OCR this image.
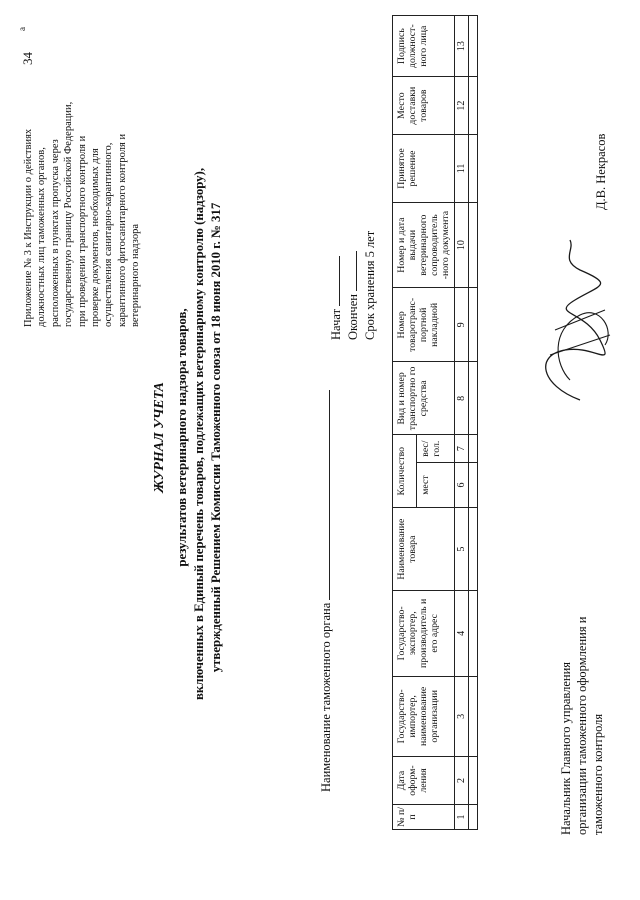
34
а
Приложение № 3 к Инструкции о действиях должностных лиц таможенных органов, расположенных в пунктах пропуска через государственную границу Российской Федерации, при проведении транспортного контроля и проверке документов, необходимых для осуществления санитарно-карантинного, карантинного фитосанитарного контроля и ветеринарного надзора
ЖУРНАЛ УЧЕТА результатов ветеринарного надзора товаров, включенных в Единый перечень товаров, подлежащих ветеринарному контролю (надзору), утвержденный Решением Комиссии Таможенного союза от 18 июня 2010 г. № 317
Наименование таможенного органа
Начат Окончен Срок хранения 5 лет
№ п/п	Дата оформ-ления	Государство-импортер, наименование организации	Государство-экспортер, производитель и его адрес	Наименование товара	Количество		Вид и номер транспортно го средства	Номер товаротранс-портной накладной	Номер и дата выдачи ветеринарного сопроводитель -ного документа	Принятое решение	Место доставки товаров	Подпись должност-ного лица
					мест	вес/ гол.						
1	2	3	4	5	6	7	8	9	10	11	12	13

Начальник Главного управления организации таможенного оформления и таможенного контроля
Д.В. Некрасов
